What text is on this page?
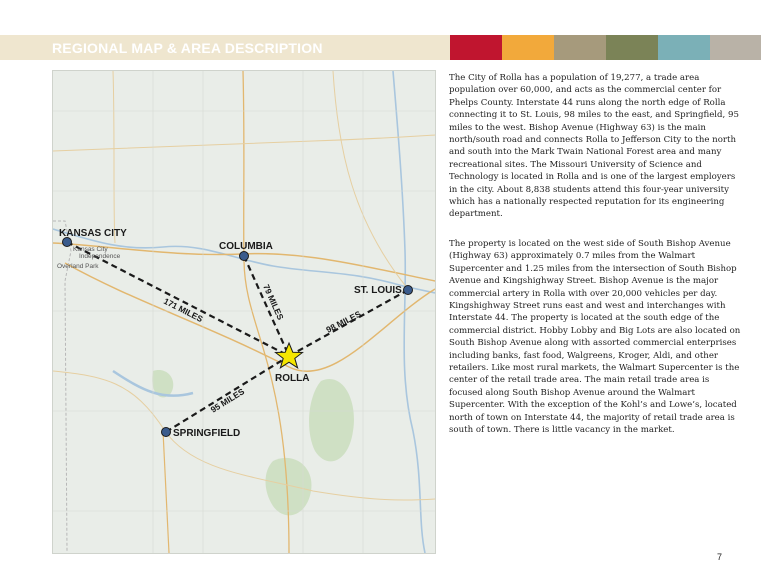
REGIONAL MAP & AREA DESCRIPTION
171 MILES	79 MILES
98 MILES
95 MILES
Kansas City
Independence
Overland Park
KANSAS CITY
COLUMBIA
ST. LOUIS
ROLLA
SPRINGFIELD

The City of Rolla has a population of 19,277, a trade area population over 60,000, and acts as the commercial center for Phelps County. Interstate 44 runs along the north edge of Rolla connecting it to St. Louis, 98 miles to the east, and Springfield, 95 miles to the west. Bishop Avenue (Highway 63) is the main north/south road and connects Rolla to Jefferson City to the north and south into the Mark Twain National Forest area and many recreational sites. The Missouri University of Science and Technology is located in Rolla and is one of the largest employers in the city. About 8,838 students attend this four-year university which has a nationally respected reputation for its engineering department.

The property is located on the west side of South Bishop Avenue (Highway 63) approximately 0.7 miles from the Walmart Supercenter and 1.25 miles from the intersection of South Bishop Avenue and Kingshighway Street. Bishop Avenue is the major commercial artery in Rolla with over 20,000 vehicles per day. Kingshighway Street runs east and west and interchanges with Interstate 44. The property is located at the south edge of the commercial district. Hobby Lobby and Big Lots are also located on South Bishop Avenue along with assorted commercial enterprises including banks, fast food, Walgreens, Kroger, Aldi, and other retailers. Like most rural markets, the Walmart Supercenter is the center of the retail trade area. The main retail trade area is focused along South Bishop Avenue around the Walmart Supercenter. With the exception of the Kohl’s and Lowe’s, located north of town on Interstate 44, the majority of retail trade area is south of town. There is little vacancy in the market.

7
